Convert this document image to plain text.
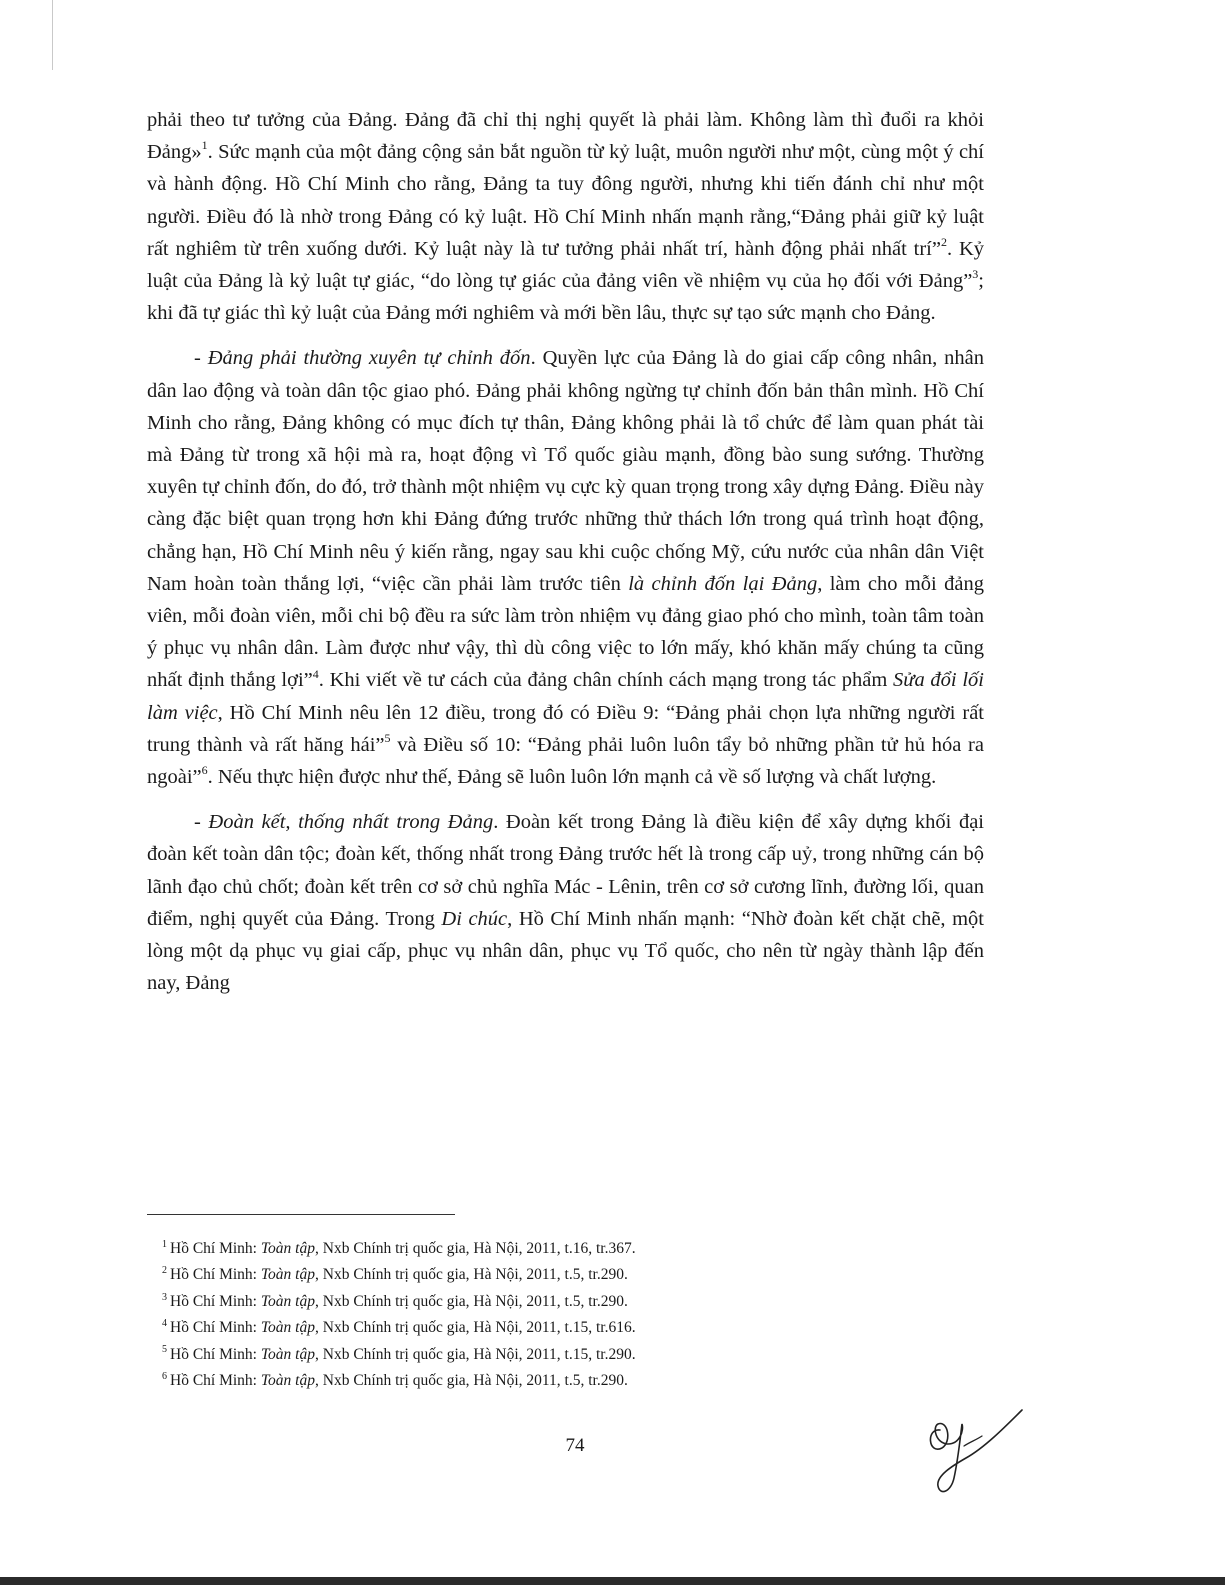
phải theo tư tưởng của Đảng. Đảng đã chỉ thị nghị quyết là phải làm. Không làm thì đuổi ra khỏi Đảng»$^1$. Sức mạnh của một đảng cộng sản bắt nguồn từ kỷ luật, muôn người như một, cùng một ý chí và hành động. Hồ Chí Minh cho rằng, Đảng ta tuy đông người, nhưng khi tiến đánh chỉ như một người. Điều đó là nhờ trong Đảng có kỷ luật. Hồ Chí Minh nhấn mạnh rằng,“Đảng phải giữ kỷ luật rất nghiêm từ trên xuống dưới. Kỷ luật này là tư tưởng phải nhất trí, hành động phải nhất trí”$^2$. Kỷ luật của Đảng là kỷ luật tự giác, “do lòng tự giác của đảng viên về nhiệm vụ của họ đối với Đảng”$^3$; khi đã tự giác thì kỷ luật của Đảng mới nghiêm và mới bền lâu, thực sự tạo sức mạnh cho Đảng.

- Đảng phải thường xuyên tự chỉnh đốn. Quyền lực của Đảng là do giai cấp công nhân, nhân dân lao động và toàn dân tộc giao phó. Đảng phải không ngừng tự chỉnh đốn bản thân mình. Hồ Chí Minh cho rằng, Đảng không có mục đích tự thân, Đảng không phải là tổ chức để làm quan phát tài mà Đảng từ trong xã hội mà ra, hoạt động vì Tổ quốc giàu mạnh, đồng bào sung sướng. Thường xuyên tự chỉnh đốn, do đó, trở thành một nhiệm vụ cực kỳ quan trọng trong xây dựng Đảng. Điều này càng đặc biệt quan trọng hơn khi Đảng đứng trước những thử thách lớn trong quá trình hoạt động, chẳng hạn, Hồ Chí Minh nêu ý kiến rằng, ngay sau khi cuộc chống Mỹ, cứu nước của nhân dân Việt Nam hoàn toàn thắng lợi, “việc cần phải làm trước tiên là chỉnh đốn lại Đảng, làm cho mỗi đảng viên, mỗi đoàn viên, mỗi chi bộ đều ra sức làm tròn nhiệm vụ đảng giao phó cho mình, toàn tâm toàn ý phục vụ nhân dân. Làm được như vậy, thì dù công việc to lớn mấy, khó khăn mấy chúng ta cũng nhất định thắng lợi”$^4$. Khi viết về tư cách của đảng chân chính cách mạng trong tác phẩm Sửa đổi lối làm việc, Hồ Chí Minh nêu lên 12 điều, trong đó có Điều 9: “Đảng phải chọn lựa những người rất trung thành và rất hăng hái”$^5$ và Điều số 10: “Đảng phải luôn luôn tẩy bỏ những phần tử hủ hóa ra ngoài”$^6$. Nếu thực hiện được như thế, Đảng sẽ luôn luôn lớn mạnh cả về số lượng và chất lượng.

- Đoàn kết, thống nhất trong Đảng. Đoàn kết trong Đảng là điều kiện để xây dựng khối đại đoàn kết toàn dân tộc; đoàn kết, thống nhất trong Đảng trước hết là trong cấp uỷ, trong những cán bộ lãnh đạo chủ chốt; đoàn kết trên cơ sở chủ nghĩa Mác - Lênin, trên cơ sở cương lĩnh, đường lối, quan điểm, nghị quyết của Đảng. Trong Di chúc, Hồ Chí Minh nhấn mạnh: “Nhờ đoàn kết chặt chẽ, một lòng một dạ phục vụ giai cấp, phục vụ nhân dân, phục vụ Tổ quốc, cho nên từ ngày thành lập đến nay, Đảng

$^1$ Hồ Chí Minh: Toàn tập, Nxb Chính trị quốc gia, Hà Nội, 2011, t.16, tr.367.
$^2$ Hồ Chí Minh: Toàn tập, Nxb Chính trị quốc gia, Hà Nội, 2011, t.5, tr.290.
$^3$ Hồ Chí Minh: Toàn tập, Nxb Chính trị quốc gia, Hà Nội, 2011, t.5, tr.290.
$^4$ Hồ Chí Minh: Toàn tập, Nxb Chính trị quốc gia, Hà Nội, 2011, t.15, tr.616.
$^5$ Hồ Chí Minh: Toàn tập, Nxb Chính trị quốc gia, Hà Nội, 2011, t.15, tr.290.
$^6$ Hồ Chí Minh: Toàn tập, Nxb Chính trị quốc gia, Hà Nội, 2011, t.5, tr.290.
74
